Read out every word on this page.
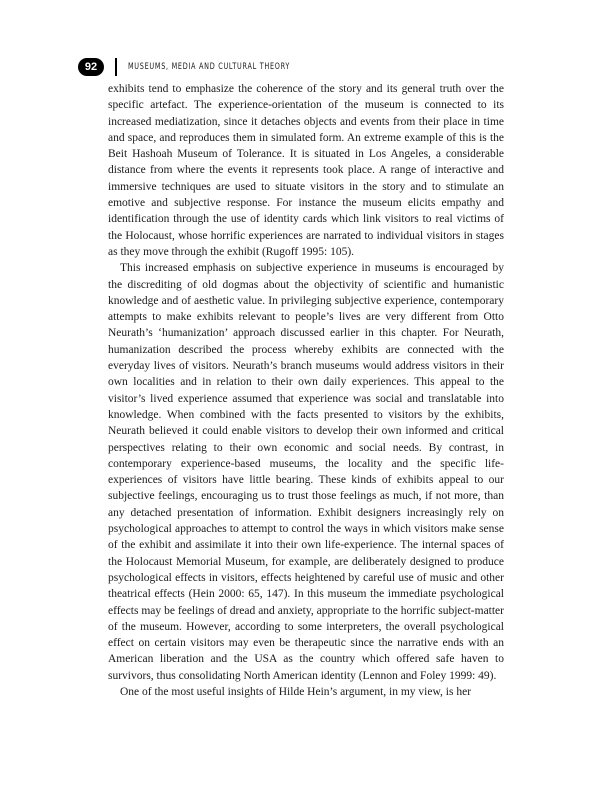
92	MUSEUMS, MEDIA AND CULTURAL THEORY

exhibits tend to emphasize the coherence of the story and its general truth over the specific artefact. The experience-orientation of the museum is connected to its increased mediatization, since it detaches objects and events from their place in time and space, and reproduces them in simulated form. An extreme example of this is the Beit Hashoah Museum of Tolerance. It is situated in Los Angeles, a considerable distance from where the events it represents took place. A range of interactive and immersive techniques are used to situate visitors in the story and to stimulate an emotive and subjective response. For instance the museum elicits empathy and identification through the use of identity cards which link visitors to real victims of the Holocaust, whose horrific experiences are narrated to individual visitors in stages as they move through the exhibit (Rugoff 1995: 105).

This increased emphasis on subjective experience in museums is encouraged by the discrediting of old dogmas about the objectivity of scientific and humanistic knowledge and of aesthetic value. In privileging subjective experience, contemporary attempts to make exhibits relevant to people’s lives are very different from Otto Neurath’s ‘humanization’ approach discussed earlier in this chapter. For Neurath, humanization described the process whereby exhibits are connected with the everyday lives of visitors. Neurath’s branch museums would address visitors in their own localities and in relation to their own daily experiences. This appeal to the visitor’s lived experience assumed that experience was social and translatable into knowledge. When combined with the facts presented to visitors by the exhibits, Neurath believed it could enable visitors to develop their own informed and critical perspectives relating to their own economic and social needs. By contrast, in contemporary experience-based museums, the locality and the specific life-experiences of visitors have little bearing. These kinds of exhibits appeal to our subjective feelings, encouraging us to trust those feelings as much, if not more, than any detached presentation of information. Exhibit designers increasingly rely on psychological approaches to attempt to control the ways in which visitors make sense of the exhibit and assimilate it into their own life-experience. The internal spaces of the Holocaust Memorial Museum, for example, are deliberately designed to produce psychological effects in visitors, effects heightened by careful use of music and other theatrical effects (Hein 2000: 65, 147). In this museum the immediate psychological effects may be feelings of dread and anxiety, appropriate to the horrific subject-matter of the museum. However, according to some interpreters, the overall psychological effect on certain visitors may even be therapeutic since the narrative ends with an American liberation and the USA as the country which offered safe haven to survivors, thus consolidating North American identity (Lennon and Foley 1999: 49).

One of the most useful insights of Hilde Hein’s argument, in my view, is her
